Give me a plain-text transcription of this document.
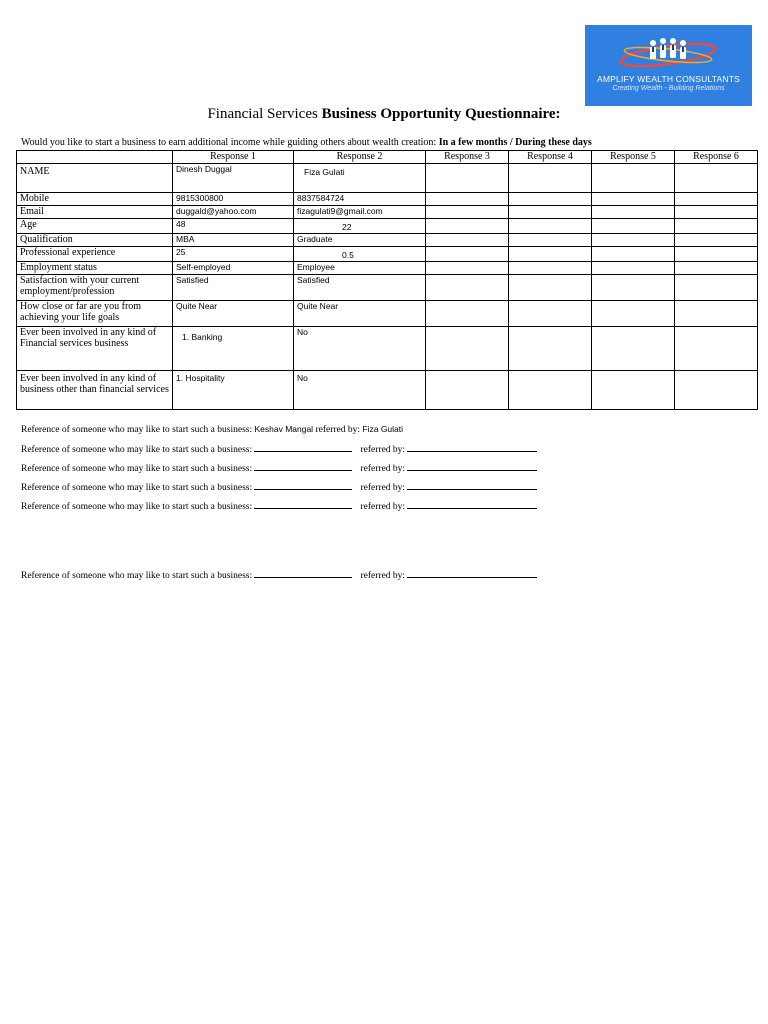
AMPLIFY WEALTH CONSULTANTS
Creating Wealth - Building Relations
Financial Services Business Opportunity Questionnaire:
Would you like to start a business to earn additional income while guiding others about wealth creation: In a few months / During these days
	Response 1	Response 2	Response 3	Response 4	Response 5	Response 6
NAME	Dinesh Duggal	Fiza Gulati				
Mobile	9815300800	8837584724				
Email	duggald@yahoo.com	fizagulati9@gmail.com				
Age	48	22				
Qualification	MBA	Graduate				
Professional experience	25	0.5				
Employment status	Self-employed	Employee				
Satisfaction with your current employment/profession	Satisfied	Satisfied				
How close or far are you from achieving your life goals	Quite Near	Quite Near				
Ever been involved in any kind of Financial services business	1. Banking	No				
Ever been involved in any kind of business other than financial services	1. Hospitality	No				
Reference of someone who may like to start such a business: Keshav Mangal referred by: Fiza Gulati
Reference of someone who may like to start such a business:	referred by:
Reference of someone who may like to start such a business:	referred by:
Reference of someone who may like to start such a business:	referred by:
Reference of someone who may like to start such a business:	referred by:
Reference of someone who may like to start such a business:	referred by:
